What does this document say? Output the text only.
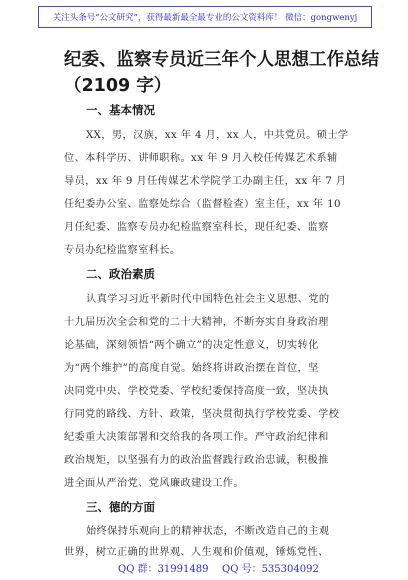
关注头条号“公文研究”，获得最新最全最专业的公文资料库！ 微信：gongwenyj
纪委、监察专员近三年个人思想工作总结
（2109 字）
一、基本情况
XX，男，汉族，xx 年 4 月，xx 人，中共党员。硕士学
位、本科学历、讲师职称。xx 年 9 月入校任传媒艺术系辅
导员，xx 年 9 月任传媒艺术学院学工办副主任，xx 年 7 月
任纪委办公室、监察处综合（监督检查）室主任，xx 年 10
月任纪委、监察专员办纪检监察室科长，现任纪委、监察
专员办纪检监察室科长。
二、政治素质
认真学习习近平新时代中国特色社会主义思想、党的
十九届历次全会和党的二十大精神，不断夯实自身政治理
论基础，深刻领悟“两个确立”的决定性意义，切实转化
为“两个维护”的高度自觉。始终将讲政治摆在首位，坚
决同党中央、学校党委、学校纪委保持高度一致，坚决执
行同党的路线、方针、政策，坚决贯彻执行学校党委、学校
纪委重大决策部署和交给我的各项工作。严守政治纪律和
政治规矩，以坚强有力的政治监督践行政治忠诚，积极推
进全面从严治党、党风廉政建设工作。
三、德的方面
始终保持乐观向上的精神状态，不断改造自己的主观
世界，树立正确的世界观、人生观和价值观，锤炼党性、
QQ 群：31991489 QQ 号：535304092
